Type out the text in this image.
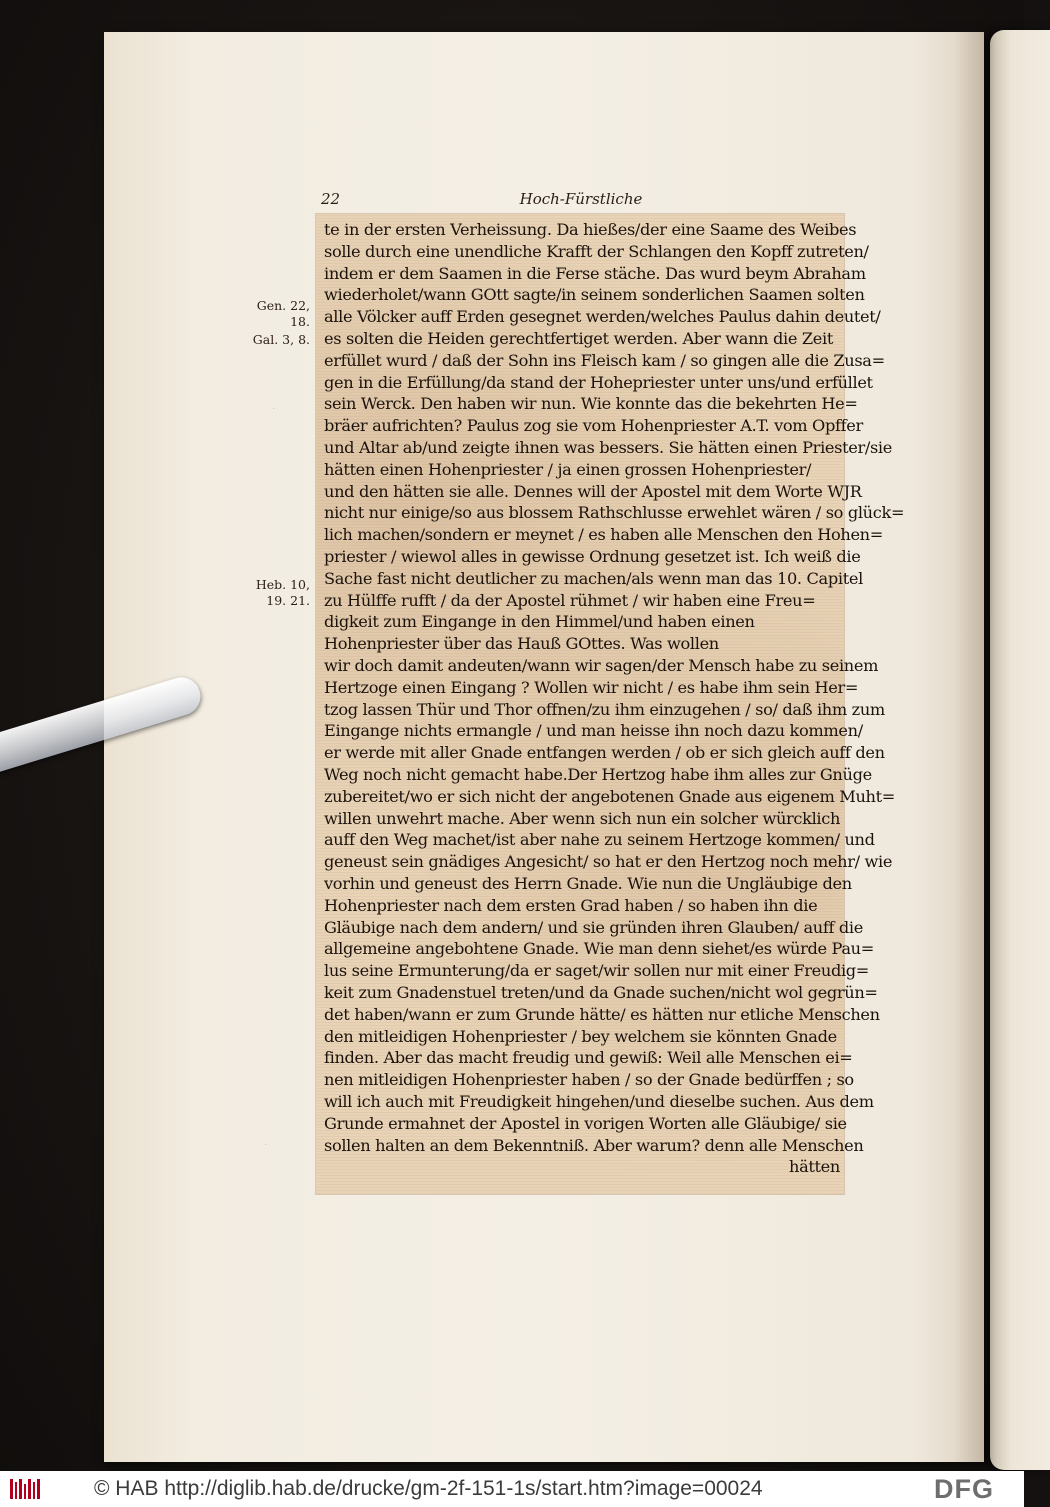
22	Hoch-Fürstliche
Gen. 22,
18.
Gal. 3, 8.
Heb. 10,
19. 21.
·
·
te in der ersten Verheissung. Da hießes/der eine Saame des Weibes
solle durch eine unendliche Krafft der Schlangen den Kopff zutreten/
indem er dem Saamen in die Ferse stäche. Das wurd beym Abraham
wiederholet/wann GOtt sagte/in seinem sonderlichen Saamen solten
alle Völcker auff Erden gesegnet werden/welches Paulus dahin deutet/
es solten die Heiden gerechtfertiget werden. Aber wann die Zeit
erfüllet wurd / daß der Sohn ins Fleisch kam / so gingen alle die Zusa=
gen in die Erfüllung/da stand der Hohepriester unter uns/und erfüllet
sein Werck. Den haben wir nun. Wie konnte das die bekehrten He=
bräer aufrichten? Paulus zog sie vom Hohenpriester A.T. vom Opffer
und Altar ab/und zeigte ihnen was bessers. Sie hätten einen Priester/sie
hätten einen Hohenpriester / ja einen grossen Hohenpriester/
und den hätten sie alle. Dennes will der Apostel mit dem Worte WJR
nicht nur einige/so aus blossem Rathschlusse erwehlet wären / so glück=
lich machen/sondern er meynet / es haben alle Menschen den Hohen=
priester / wiewol alles in gewisse Ordnung gesetzet ist. Ich weiß die
Sache fast nicht deutlicher zu machen/als wenn man das 10. Capitel
zu Hülffe rufft / da der Apostel rühmet / wir haben eine Freu=
digkeit zum Eingange in den Himmel/und haben einen
Hohenpriester über das Hauß GOttes. Was wollen
wir doch damit andeuten/wann wir sagen/der Mensch habe zu seinem
Hertzoge einen Eingang ? Wollen wir nicht / es habe ihm sein Her=
tzog lassen Thür und Thor offnen/zu ihm einzugehen / so/ daß ihm zum
Eingange nichts ermangle / und man heisse ihn noch dazu kommen/
er werde mit aller Gnade entfangen werden / ob er sich gleich auff den
Weg noch nicht gemacht habe.Der Hertzog habe ihm alles zur Gnüge
zubereitet/wo er sich nicht der angebotenen Gnade aus eigenem Muht=
willen unwehrt mache. Aber wenn sich nun ein solcher würcklich
auff den Weg machet/ist aber nahe zu seinem Hertzoge kommen/ und
geneust sein gnädiges Angesicht/ so hat er den Hertzog noch mehr/ wie
vorhin und geneust des Herrn Gnade. Wie nun die Ungläubige den
Hohenpriester nach dem ersten Grad haben / so haben ihn die
Gläubige nach dem andern/ und sie gründen ihren Glauben/ auff die
allgemeine angebohtene Gnade. Wie man denn siehet/es würde Pau=
lus seine Ermunterung/da er saget/wir sollen nur mit einer Freudig=
keit zum Gnadenstuel treten/und da Gnade suchen/nicht wol gegrün=
det haben/wann er zum Grunde hätte/ es hätten nur etliche Menschen
den mitleidigen Hohenpriester / bey welchem sie könnten Gnade
finden. Aber das macht freudig und gewiß: Weil alle Menschen ei=
nen mitleidigen Hohenpriester haben / so der Gnade bedürffen ; so
will ich auch mit Freudigkeit hingehen/und dieselbe suchen. Aus dem
Grunde ermahnet der Apostel in vorigen Worten alle Gläubige/ sie
sollen halten an dem Bekenntniß. Aber warum? denn alle Menschen
hätten
© HAB http://diglib.hab.de/drucke/gm-2f-151-1s/start.htm?image=00024	DFG
